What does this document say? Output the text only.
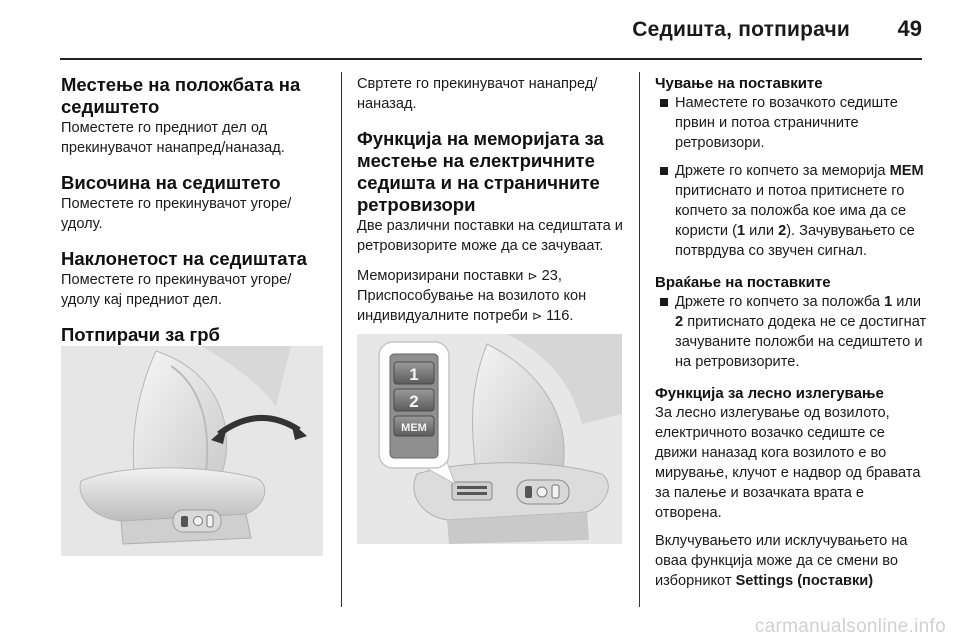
Седишта, потпирачи 49
Местење на положбата на седиштето

Поместете го предниот дел од прекинувачот нанапред/наназад.

Височина на седиштето

Поместете го прекинувачот угоре/удолу.

Наклонетост на седиштата

Поместете го прекинувачот угоре/удолу кај предниот дел.

Потпирачи за грб

Свртете го прекинувачот нанапред/наназад.

Функција на меморијата за местење на електричните седишта и на страничните ретровизори

Две различни поставки на седиштата и ретровизорите може да се зачуваат.

Меморизирани поставки ⊳ 23, Приспособување на возилото кон индивидуалните потреби ⊳ 116.

1
2
MEM
Чување на поставките
Наместете го возачкото седиште првин и потоа страничните ретровизори.
Држете го копчето за меморија MEM притиснато и потоа притиснете го копчето за положба кое има да се користи (1 или 2). Зачувувањето се потврдува со звучен сигнал.
Враќање на поставките
Држете го копчето за положба 1 или 2 притиснато додека не се достигнат зачуваните положби на седиштето и на ретровизорите.
Функција за лесно излегување

За лесно излегување од возилото, електричното возачко седиште се движи наназад кога возилото е во мирување, клучот е надвор од бравата за палење и возачката врата е отворена.

Вклучувањето или исклучувањето на оваа функција може да се смени во изборникот Settings (поставки)

carmanualsonline.info
